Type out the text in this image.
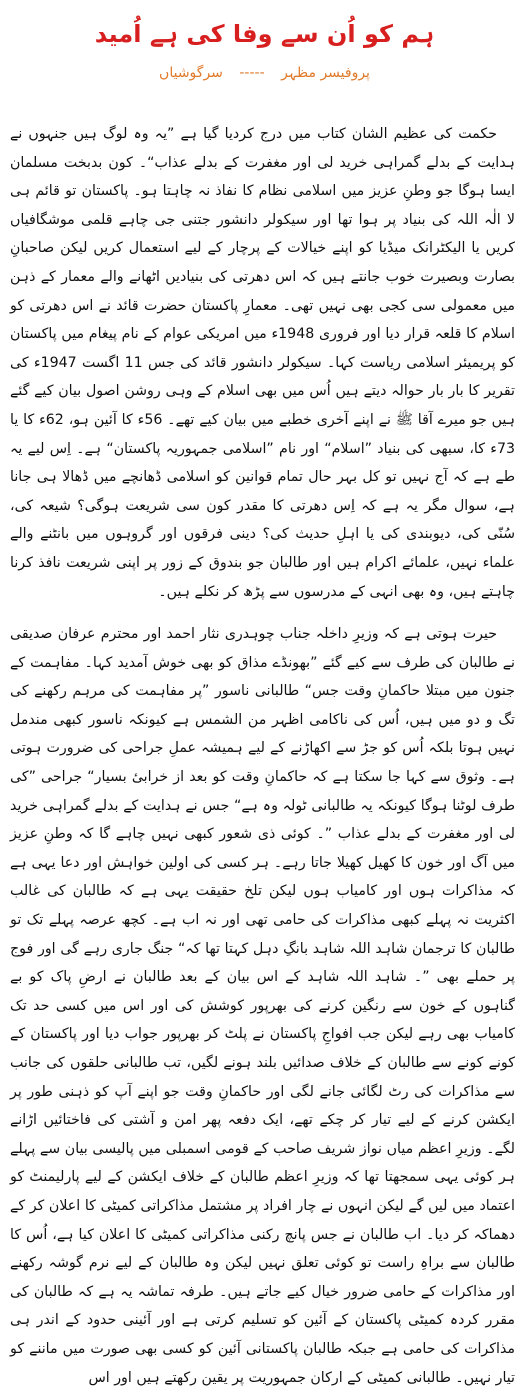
ہم کو اُن سے وفا کی ہے اُمید
پروفیسر مظہر ----- سرگوشیاں

حکمت کی عظیم الشان کتاب میں درج کردیا گیا ہے ”یہ وہ لوگ ہیں جنہوں نے ہدایت کے بدلے گمراہی خرید لی اور مغفرت کے بدلے عذاب“۔ کون بدبخت مسلمان ایسا ہوگا جو وطنِ عزیز میں اسلامی نظام کا نفاذ نہ چاہتا ہو۔ پاکستان تو قائم ہی لا الٰہ اللہ کی بنیاد پر ہوا تھا اور سیکولر دانشور جتنی جی چاہے قلمی موشگافیاں کریں یا الیکٹرانک میڈیا کو اپنے خیالات کے پرچار کے لیے استعمال کریں لیکن صاحبانِ بصارت وبصیرت خوب جانتے ہیں کہ اس دھرتی کی بنیادیں اٹھانے والے معمار کے ذہن میں معمولی سی کجی بھی نہیں تھی۔ معمارِ پاکستان حضرت قائد نے اس دھرتی کو اسلام کا قلعہ قرار دیا اور فروری 1948ء میں امریکی عوام کے نام پیغام میں پاکستان کو پریمیئر اسلامی ریاست کہا۔ سیکولر دانشور قائد کی جس 11 اگست 1947ء کی تقریر کا بار بار حوالہ دیتے ہیں اُس میں بھی اسلام کے وہی روشن اصول بیان کیے گئے ہیں جو میرے آقا ﷺ نے اپنے آخری خطبے میں بیان کیے تھے۔ 56ء کا آئین ہو، 62ء کا یا 73ء کا، سبھی کی بنیاد ”اسلام“ اور نام ”اسلامی جمہوریہ پاکستان“ ہے۔ اِس لیے یہ طے ہے کہ آج نہیں تو کل بہر حال تمام قوانین کو اسلامی ڈھانچے میں ڈھالا ہی جانا ہے، سوال مگر یہ ہے کہ اِس دھرتی کا مقدر کون سی شریعت ہوگی؟ شیعہ کی، سُنّی کی، دیوبندی کی یا اہلِ حدیث کی؟ دینی فرقوں اور گروہوں میں بانٹنے والے علماء نہیں، علمائے اکرام ہیں اور طالبان جو بندوق کے زور پر اپنی شریعت نافذ کرنا چاہتے ہیں، وہ بھی انہی کے مدرسوں سے پڑھ کر نکلے ہیں۔

حیرت ہوتی ہے کہ وزیرِ داخلہ جناب چوہدری نثار احمد اور محترم عرفان صدیقی نے طالبان کی طرف سے کیے گئے ”بھونڈے مذاق کو بھی خوش آمدید کہا۔ مفاہمت کے جنون میں مبتلا حاکمانِ وقت جس“ طالبانی ناسور ”پر مفاہمت کی مرہم رکھنے کی تگ و دو میں ہیں، اُس کی ناکامی اظہر من الشمس ہے کیونکہ ناسور کبھی مندمل نہیں ہوتا بلکہ اُس کو جڑ سے اکھاڑنے کے لیے ہمیشہ عملِ جراحی کی ضرورت ہوتی ہے۔ وثوق سے کہا جا سکتا ہے کہ حاکمانِ وقت کو بعد از خرابیٔ بسیار“ جراحی ”کی طرف لوٹنا ہوگا کیونکہ یہ طالبانی ٹولہ وہ ہے“ جس نے ہدایت کے بدلے گمراہی خرید لی اور مغفرت کے بدلے عذاب ”۔ کوئی ذی شعور کبھی نہیں چاہے گا کہ وطنِ عزیز میں آگ اور خون کا کھیل کھیلا جاتا رہے۔ ہر کسی کی اولین خواہش اور دعا یہی ہے کہ مذاکرات ہوں اور کامیاب ہوں لیکن تلخ حقیقت یہی ہے کہ طالبان کی غالب اکثریت نہ پہلے کبھی مذاکرات کی حامی تھی اور نہ اب ہے۔ کچھ عرصہ پہلے تک تو طالبان کا ترجمان شاہد اللہ شاہد بانگِ دہل کہتا تھا کہ“ جنگ جاری رہے گی اور فوج پر حملے بھی ”۔ شاہد اللہ شاہد کے اس بیان کے بعد طالبان نے ارضِ پاک کو بے گناہوں کے خون سے رنگین کرنے کی بھرپور کوشش کی اور اس میں کسی حد تک کامیاب بھی رہے لیکن جب افواجِ پاکستان نے پلٹ کر بھرپور جواب دیا اور پاکستان کے کونے کونے سے طالبان کے خلاف صدائیں بلند ہونے لگیں، تب طالبانی حلقوں کی جانب سے مذاکرات کی رٹ لگائی جانے لگی اور حاکمانِ وقت جو اپنے آپ کو ذہنی طور پر ایکشن کرنے کے لیے تیار کر چکے تھے، ایک دفعہ پھر امن و آشتی کی فاختائیں اڑانے لگے۔ وزیرِ اعظم میاں نواز شریف صاحب کے قومی اسمبلی میں پالیسی بیان سے پہلے ہر کوئی یہی سمجھتا تھا کہ وزیرِ اعظم طالبان کے خلاف ایکشن کے لیے پارلیمنٹ کو اعتماد میں لیں گے لیکن انہوں نے چار افراد پر مشتمل مذاکراتی کمیٹی کا اعلان کر کے دھماکہ کر دیا۔ اب طالبان نے جس پانچ رکنی مذاکراتی کمیٹی کا اعلان کیا ہے، اُس کا طالبان سے براہِ راست تو کوئی تعلق نہیں لیکن وہ طالبان کے لیے نرم گوشہ رکھنے اور مذاکرات کے حامی ضرور خیال کیے جاتے ہیں۔ طرفہ تماشہ یہ ہے کہ طالبان کی مقرر کردہ کمیٹی پاکستان کے آئین کو تسلیم کرتی ہے اور آئینی حدود کے اندر ہی مذاکرات کی حامی ہے جبکہ طالبان پاکستانی آئین کو کسی بھی صورت میں ماننے کو تیار نہیں۔ طالبانی کمیٹی کے ارکان جمہوریت پر یقین رکھتے ہیں اور اس
